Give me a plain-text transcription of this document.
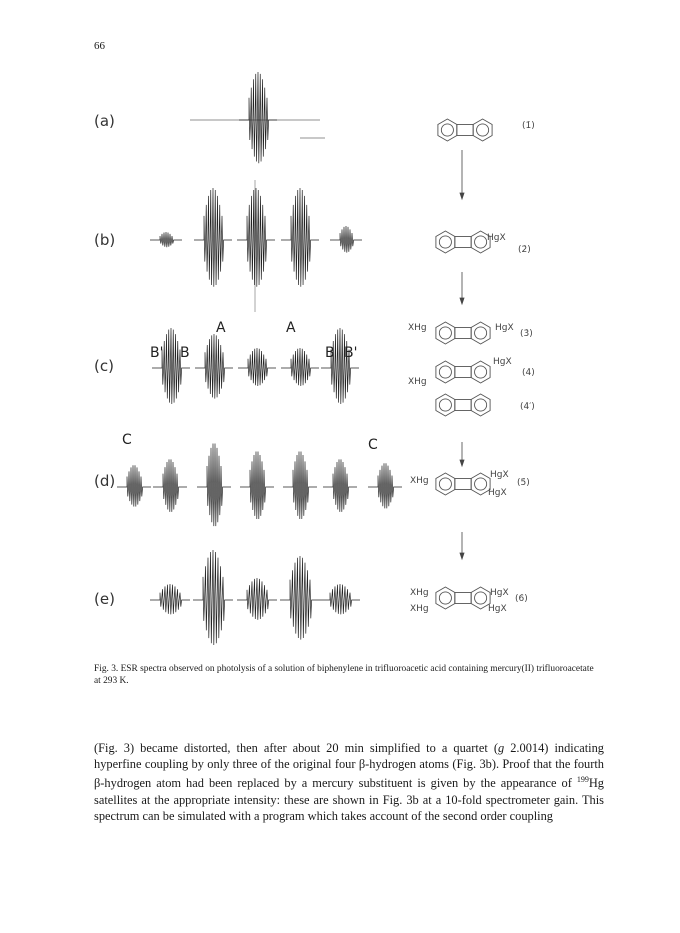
66
(a)
(b)
(c)
(d)
(e)
B' B
A	A
B B'
C	C
(1̇)
(2̇)
(3̇)
(4̇)
(4̇′)
(5̇)
(6̇)
HgX
XHg	HgX
HgX
XHg
XHg
HgX
HgX
XHg
XHg
HgX
HgX
Fig. 3. ESR spectra observed on photolysis of a solution of biphenylene in trifluoroacetic acid containing mercury(II) trifluoroacetate at 293 K.

(Fig. 3) became distorted, then after about 20 min simplified to a quartet (g 2.0014) indicating hyperfine coupling by only three of the original four β-hydrogen atoms (Fig. 3b). Proof that the fourth β-hydrogen atom had been replaced by a mercury substituent is given by the appearance of $^{199}$Hg satellites at the appropriate intensity: these are shown in Fig. 3b at a 10-fold spectrometer gain. This spectrum can be simulated with a program which takes account of the second order coupling
